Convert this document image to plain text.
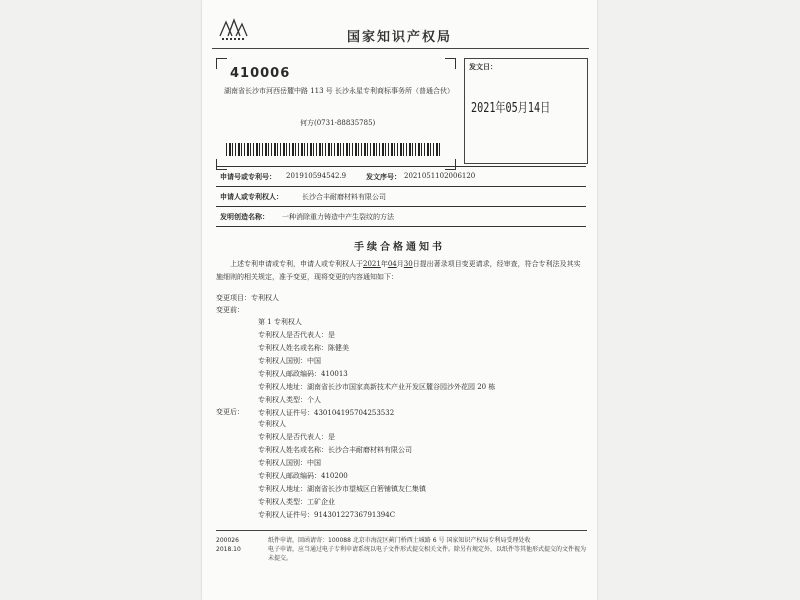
国家知识产权局
410006
湖南省长沙市河西岳麓中路 113 号 长沙永星专利商标事务所（普通合伙）
何方(0731-88835785)
发文日：
2021年05月14日
申请号或专利号： 201910594542.9	发文序号： 2021051102006120
申请人或专利权人：	长沙合丰耐磨材料有限公司
发明创造名称： 一种消除重力铸造中产生裂纹的方法
手续合格通知书
上述专利申请或专利，申请人或专利权人于2021年04月30日提出著录项目变更请求，经审查，符合专利法及其实施细则的相关规定，准予变更，现将变更的内容通知如下：
变更项目：专利权人
变更前：
第 1 专利权人
专利权人是否代表人：是
专利权人姓名或名称：陈健美
专利权人国别：中国
专利权人邮政编码：410013
专利权人地址：湖南省长沙市国家高新技术产业开发区麓谷园沙外花园 20 栋
专利权人类型：个人
专利权人证件号：430104195704253532
变更后：
专利权人
专利权人是否代表人：是
专利权人姓名或名称：长沙合丰耐磨材料有限公司
专利权人国别：中国
专利权人邮政编码：410200
专利权人地址：湖南省长沙市望城区白箬铺镇友仁集镇
专利权人类型：工矿企业
专利权人证件号：91430122736791394C
200026
2018.10
纸件申请，回函请寄：100088 北京市海淀区蓟门桥西土城路 6 号 国家知识产权局专利局受理处收
电子申请，应当通过电子专利申请系统以电子文件形式提交相关文件。除另有规定外，以纸件等其他形式提交的文件视为未提交。
